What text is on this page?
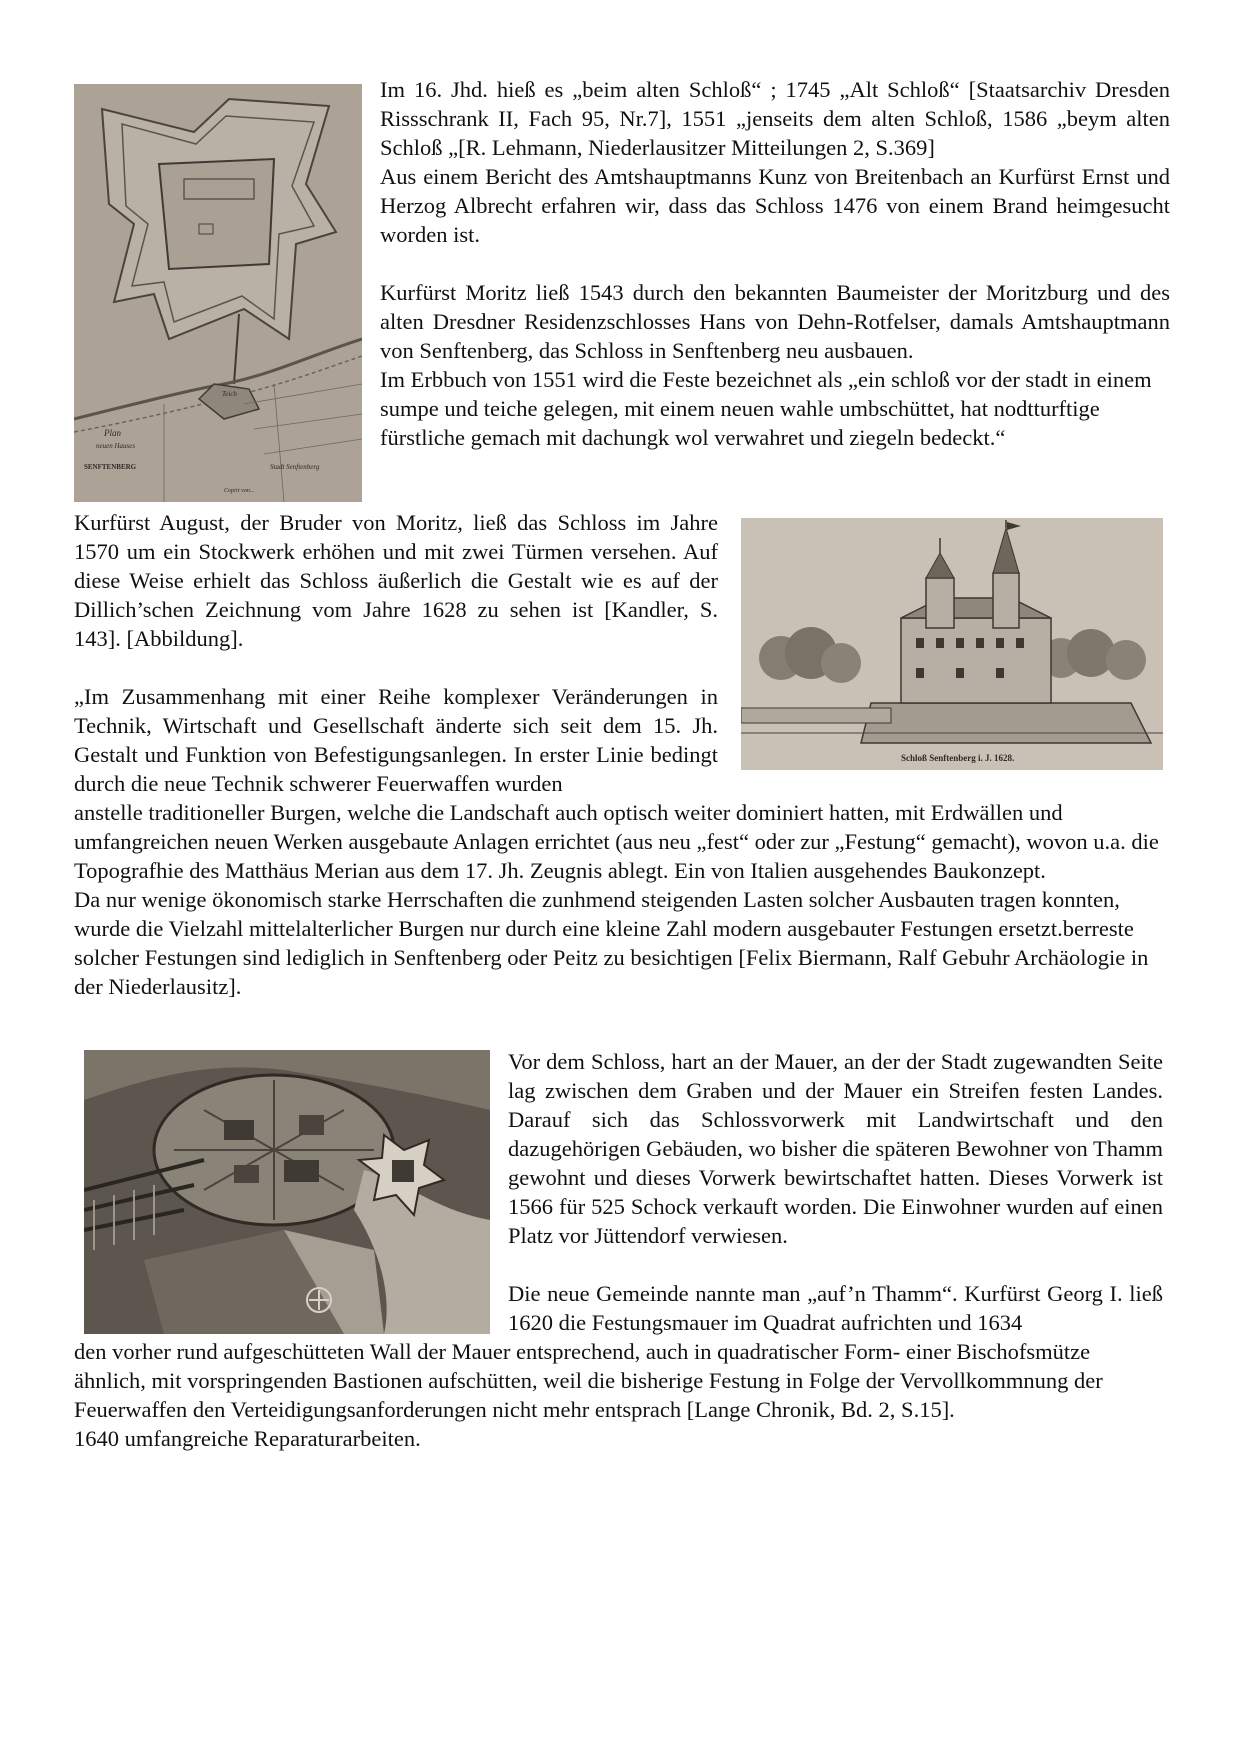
Plan
neuen Hauses
SENFTENBERG	Stadt Senftenberg
Teich
Copirt von...

Im 16. Jhd. hieß es „beim alten Schloß“ ; 1745 „Alt Schloß“ [Staatsarchiv Dresden Rissschrank II, Fach 95, Nr.7], 1551 „jenseits dem alten Schloß, 1586 „beym alten Schloß „[R. Lehmann, Niederlausitzer Mitteilungen 2, S.369]

Aus einem Bericht des Amtshauptmanns Kunz von Breitenbach an Kurfürst Ernst und Herzog Albrecht erfahren wir, dass das Schloss 1476 von einem Brand heimgesucht worden ist.

Kurfürst Moritz ließ 1543 durch den bekannten Baumeister der Moritzburg und des alten Dresdner Residenzschlosses Hans von Dehn-Rotfelser, damals Amtshauptmann von Senftenberg, das Schloss in Senftenberg neu ausbauen.

Im Erbbuch von 1551 wird die Feste bezeichnet als „ein schloß vor der stadt in einem sumpe und teiche gelegen, mit einem neuen wahle umbschüttet, hat nodtturftige fürstliche gemach mit dachungk wol verwahret und ziegeln bedeckt.“

Schloß Senftenberg i. J. 1628.

Kurfürst August, der Bruder von Moritz, ließ das Schloss im Jahre 1570 um ein Stockwerk erhöhen und mit zwei Türmen versehen. Auf diese Weise erhielt das Schloss äußerlich die Gestalt wie es auf der Dillich’schen Zeichnung vom Jahre 1628 zu sehen ist [Kandler, S. 143]. [Abbildung].

„Im Zusammenhang mit einer Reihe komplexer Veränderungen in Technik, Wirtschaft und Gesellschaft änderte sich seit dem 15. Jh. Gestalt und Funktion von Befestigungsanlegen. In erster Linie bedingt durch die neue Technik schwerer Feuerwaffen wurden

anstelle traditioneller Burgen, welche die Landschaft auch optisch weiter dominiert hatten, mit Erdwällen und umfangreichen neuen Werken ausgebaute Anlagen errichtet (aus neu „fest“ oder zur „Festung“ gemacht), wovon u.a. die Topografhie des Matthäus Merian aus dem 17. Jh. Zeugnis ablegt. Ein von Italien ausgehendes Baukonzept.

Da nur wenige ökonomisch starke Herrschaften die zunhmend steigenden Lasten solcher Ausbauten tragen konnten, wurde die Vielzahl mittelalterlicher Burgen nur durch eine kleine Zahl modern ausgebauter Festungen ersetzt.berreste solcher Festungen sind lediglich in Senftenberg oder Peitz zu besichtigen [Felix Biermann, Ralf Gebuhr Archäologie in der Niederlausitz].

Vor dem Schloss, hart an der Mauer, an der der Stadt zugewandten Seite lag zwischen dem Graben und der Mauer ein Streifen festen Landes. Darauf sich das Schlossvorwerk mit Landwirtschaft und den dazugehörigen Gebäuden, wo bisher die späteren Bewohner von Thamm gewohnt und dieses Vorwerk bewirtschaftet hatten. Dieses Vorwerk ist 1566 für 525 Schock verkauft worden. Die Einwohner wurden auf einen Platz vor Jüttendorf verwiesen.

Die neue Gemeinde nannte man „auf’n Thamm“. Kurfürst Georg I. ließ 1620 die Festungsmauer im Quadrat aufrichten und 1634

den vorher rund aufgeschütteten Wall der Mauer entsprechend, auch in quadratischer Form- einer Bischofsmütze ähnlich, mit vorspringenden Bastionen aufschütten, weil die bisherige Festung in Folge der Vervollkommnung der Feuerwaffen den Verteidigungsanforderungen nicht mehr entsprach [Lange Chronik, Bd. 2, S.15].

1640 umfangreiche Reparaturarbeiten.
